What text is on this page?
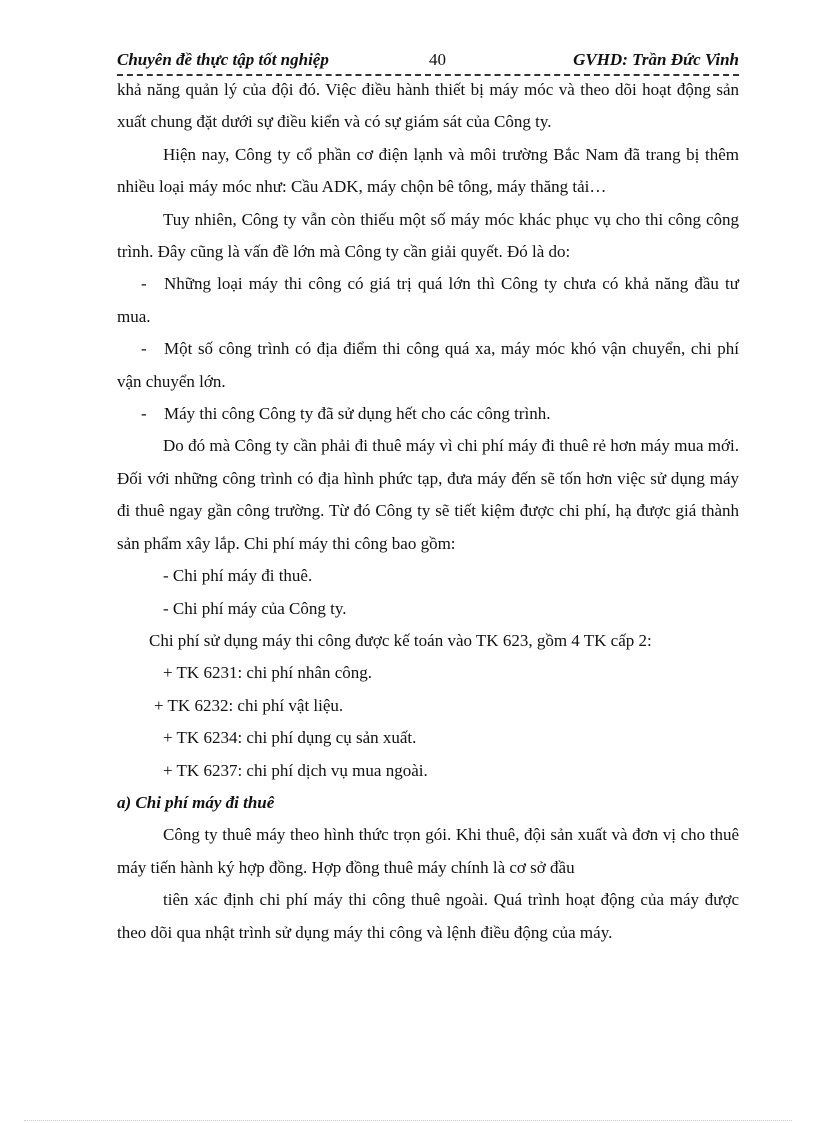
Chuyên đề thực tập tốt nghiệp	40	GVHD: Trần Đức Vinh

khả năng quản lý của đội đó. Việc điều hành thiết bị máy móc và theo dõi hoạt động sản xuất chung đặt dưới sự điều kiển và có sự giám sát của Công ty.

Hiện nay, Công ty cổ phần cơ điện lạnh và môi trường Bắc Nam đã trang bị thêm nhiều loại máy móc như: Cầu ADK, máy chộn bê tông, máy thăng tải…

Tuy nhiên, Công ty vẫn còn thiếu một số máy móc khác phục vụ cho thi công công trình. Đây cũng là vấn đề lớn mà Công ty cần giải quyết. Đó là do:

- Những loại máy thi công có giá trị quá lớn thì Công ty chưa có khả năng đầu tư mua.

- Một số công trình có địa điểm thi công quá xa, máy móc khó vận chuyển, chi phí vận chuyển lớn.

- Máy thi công Công ty đã sử dụng hết cho các công trình.

Do đó mà Công ty cần phải đi thuê máy vì chi phí máy đi thuê rẻ hơn máy mua mới. Đối với những công trình có địa hình phức tạp, đưa máy đến sẽ tốn hơn việc sử dụng máy đi thuê ngay gần công trường. Từ đó Công ty sẽ tiết kiệm được chi phí, hạ được giá thành sản phẩm xây lắp. Chi phí máy thi công bao gồm:

- Chi phí máy đi thuê.

- Chi phí máy của Công ty.

Chi phí sử dụng máy thi công được kế toán vào TK 623, gồm 4 TK cấp 2:

+ TK 6231: chi phí nhân công.

+ TK 6232: chi phí vật liệu.

+ TK 6234: chi phí dụng cụ sản xuất.

+ TK 6237: chi phí dịch vụ mua ngoài.

a) Chi phí máy đi thuê

Công ty thuê máy theo hình thức trọn gói. Khi thuê, đội sản xuất và đơn vị cho thuê máy tiến hành ký hợp đồng. Hợp đồng thuê máy chính là cơ sở đầu

tiên xác định chi phí máy thi công thuê ngoài. Quá trình hoạt động của máy được theo dõi qua nhật trình sử dụng máy thi công và lệnh điều động của máy.
